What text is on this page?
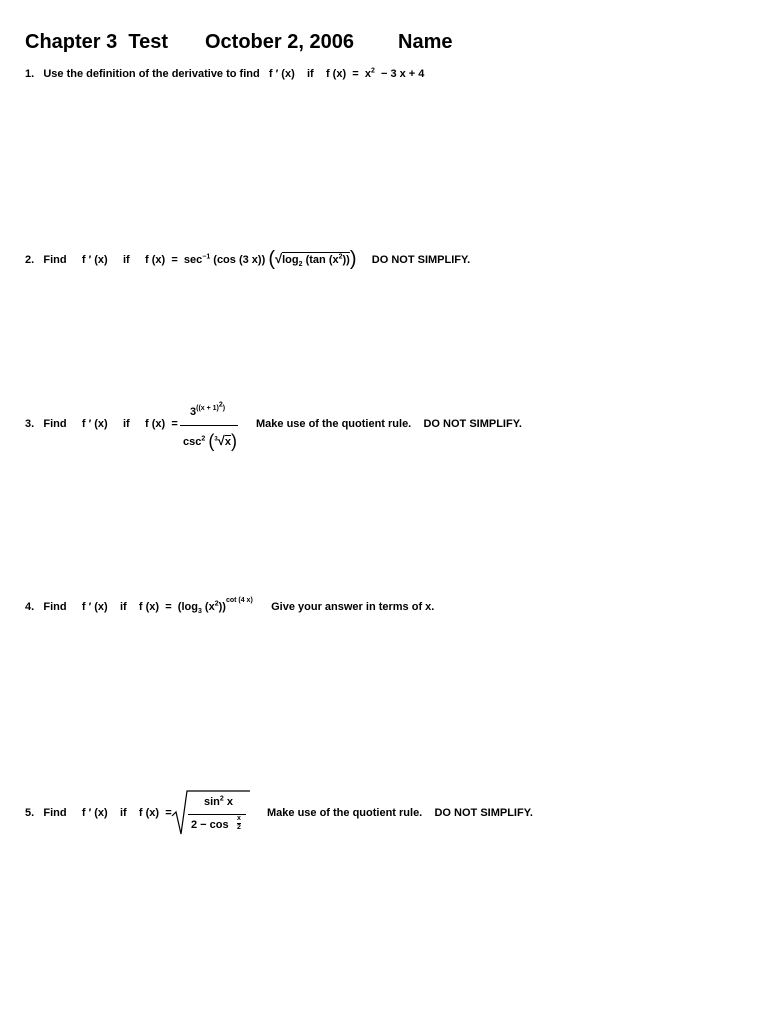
Chapter 3 Test October 2, 2006 Name
1. Use the definition of the derivative to find f ′ (x) if f $(x) = x^2 - 3$ x + 4
2. Find f ′ (x) if f $(x) = \sec^{-1} (\cos$ (3 x)) ($√\log_2$ (tan $(x^2)$)) DO NOT SIMPLIFY.
3. Find f ′ (x) if f (x) =
$3^{((x + 1)^2)}$
$\csc^2 (^3√x)$
Make use of the quotient rule. DO NOT SIMPLIFY.
4. Find f ′ (x) if f $(x) = (\log_3$ $(x^2))^{cot (4 x)}$      Give your answer in terms of x.
5. Find f ′ (x) if f (x) =
$\sin^2 x$
2 − cos
x
2
Make use of the quotient rule. DO NOT SIMPLIFY.
